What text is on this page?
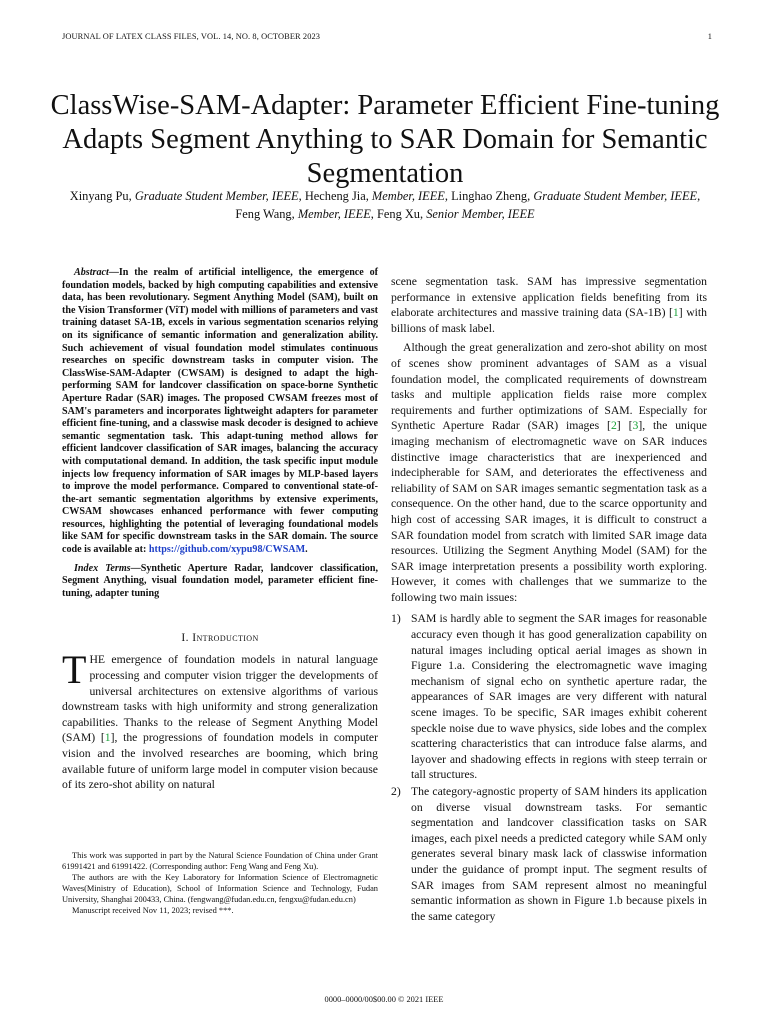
JOURNAL OF LATEX CLASS FILES, VOL. 14, NO. 8, OCTOBER 2023	1
ClassWise-SAM-Adapter: Parameter Efficient Fine-tuning Adapts Segment Anything to SAR Domain for Semantic Segmentation
Xinyang Pu, Graduate Student Member, IEEE, Hecheng Jia, Member, IEEE, Linghao Zheng, Graduate Student Member, IEEE, Feng Wang, Member, IEEE, Feng Xu, Senior Member, IEEE

Abstract—In the realm of artificial intelligence, the emergence of foundation models, backed by high computing capabilities and extensive data, has been revolutionary. Segment Anything Model (SAM), built on the Vision Transformer (ViT) model with millions of parameters and vast training dataset SA-1B, excels in various segmentation scenarios relying on its significance of semantic information and generalization ability. Such achievement of visual foundation model stimulates continuous researches on specific downstream tasks in computer vision. The ClassWise-SAM-Adapter (CWSAM) is designed to adapt the high-performing SAM for landcover classification on space-borne Synthetic Aperture Radar (SAR) images. The proposed CWSAM freezes most of SAM's parameters and incorporates lightweight adapters for parameter efficient fine-tuning, and a classwise mask decoder is designed to achieve semantic segmentation task. This adapt-tuning method allows for efficient landcover classification of SAR images, balancing the accuracy with computational demand. In addition, the task specific input module injects low frequency information of SAR images by MLP-based layers to improve the model performance. Compared to conventional state-of-the-art semantic segmentation algorithms by extensive experiments, CWSAM showcases enhanced performance with fewer computing resources, highlighting the potential of leveraging foundational models like SAM for specific downstream tasks in the SAR domain. The source code is available at: https://github.com/xypu98/CWSAM.

Index Terms—Synthetic Aperture Radar, landcover classification, Segment Anything, visual foundation model, parameter efficient fine-tuning, adapter tuning

I. Introduction

THE emergence of foundation models in natural language processing and computer vision trigger the developments of universal architectures on extensive algorithms of various downstream tasks with high uniformity and strong generalization capabilities. Thanks to the release of Segment Anything Model (SAM) [1], the progressions of foundation models in computer vision and the involved researches are booming, which bring available future of uniform large model in computer vision because of its zero-shot ability on natural

This work was supported in part by the Natural Science Foundation of China under Grant 61991421 and 61991422. (Corresponding author: Feng Wang and Feng Xu).

The authors are with the Key Laboratory for Information Science of Electromagnetic Waves(Ministry of Education), School of Information Science and Technology, Fudan University, Shanghai 200433, China. (fengwang@fudan.edu.cn, fengxu@fudan.edu.cn)

Manuscript received Nov 11, 2023; revised ***.

scene segmentation task. SAM has impressive segmentation performance in extensive application fields benefiting from its elaborate architectures and massive training data (SA-1B) [1] with billions of mask label.

Although the great generalization and zero-shot ability on most of scenes show prominent advantages of SAM as a visual foundation model, the complicated requirements of downstream tasks and multiple application fields raise more complex requirements and further optimizations of SAM. Especially for Synthetic Aperture Radar (SAR) images [2] [3], the unique imaging mechanism of electromagnetic wave on SAR induces distinctive image characteristics that are inexperienced and indecipherable for SAM, and deteriorates the effectiveness and reliability of SAM on SAR images semantic segmentation task as a consequence. On the other hand, due to the scarce opportunity and high cost of accessing SAR images, it is difficult to construct a SAR foundation model from scratch with limited SAR image data resources. Utilizing the Segment Anything Model (SAM) for the SAR image interpretation presents a possibility worth exploring. However, it comes with challenges that we summarize to the following two main issues:

1) SAM is hardly able to segment the SAR images for reasonable accuracy even though it has good generalization capability on natural images including optical aerial images as shown in Figure 1.a. Considering the electromagnetic wave imaging mechanism of signal echo on synthetic aperture radar, the appearances of SAR images are very different with natural scene images. To be specific, SAR images exhibit coherent speckle noise due to wave physics, side lobes and the complex scattering characteristics that can introduce false alarms, and layover and shadowing effects in regions with steep terrain or tall structures.
2) The category-agnostic property of SAM hinders its application on diverse visual downstream tasks. For semantic segmentation and landcover classification tasks on SAR images, each pixel needs a predicted category while SAM only generates several binary mask lack of classwise information under the guidance of prompt input. The segment results of SAR images from SAM represent almost no meaningful semantic information as shown in Figure 1.b because pixels in the same category
0000–0000/00$00.00 © 2021 IEEE
